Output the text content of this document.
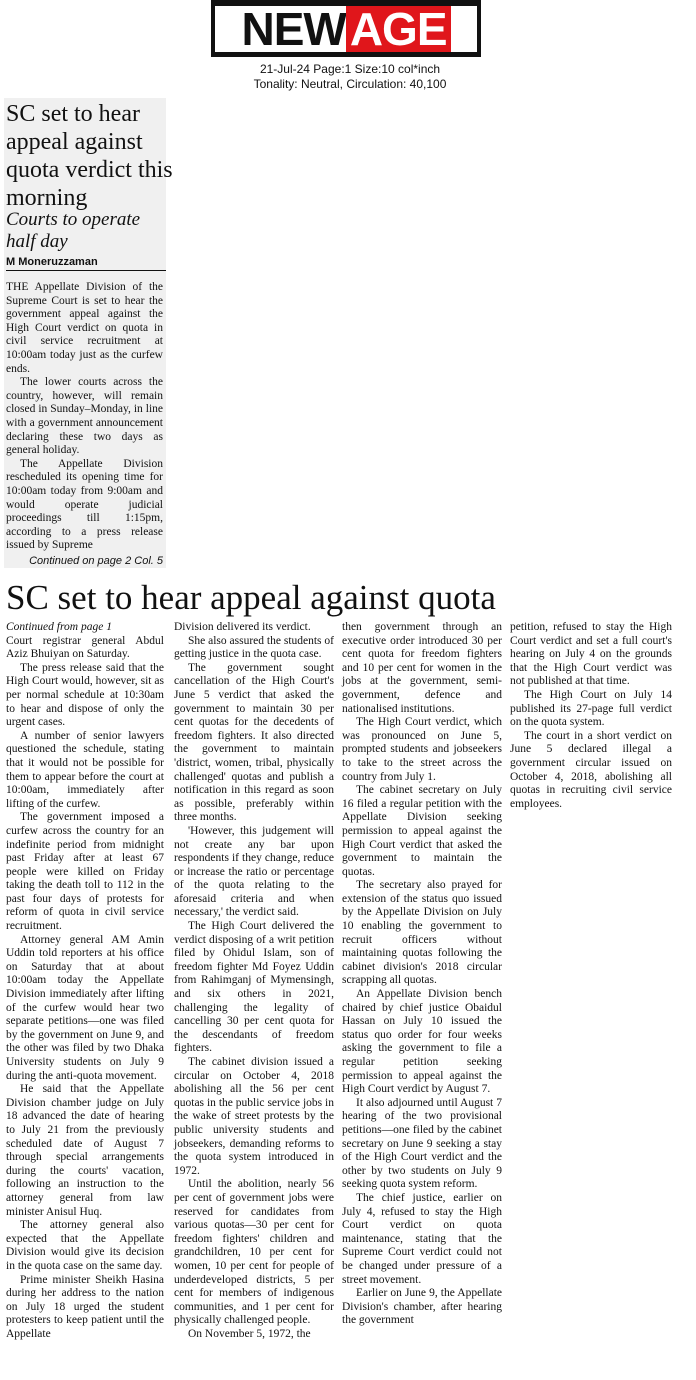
NEW AGE
21-Jul-24 Page:1 Size:10 col*inch
Tonality: Neutral, Circulation: 40,100
SC set to hear appeal against quota verdict this morning
Courts to operate half day
M Moneruzzaman

THE Appellate Division of the Supreme Court is set to hear the government appeal against the High Court verdict on quota in civil service recruitment at 10:00am today just as the curfew ends.

The lower courts across the country, however, will remain closed in Sunday–Monday, in line with a government announcement declaring these two days as general holiday.

The Appellate Division rescheduled its opening time for 10:00am today from 9:00am and would operate judicial proceedings till 1:15pm, according to a press release issued by Supreme

Continued on page 2 Col. 5
SC set to hear appeal against quota

Continued from page 1

Court registrar general Abdul Aziz Bhuiyan on Saturday.

The press release said that the High Court would, however, sit as per normal schedule at 10:30am to hear and dispose of only the urgent cases.

A number of senior lawyers questioned the schedule, stating that it would not be possible for them to appear before the court at 10:00am, immediately after lifting of the curfew.

The government imposed a curfew across the country for an indefinite period from midnight past Friday after at least 67 people were killed on Friday taking the death toll to 112 in the past four days of protests for reform of quota in civil service recruitment.

Attorney general AM Amin Uddin told reporters at his office on Saturday that at about 10:00am today the Appellate Division immediately after lifting of the curfew would hear two separate petitions—one was filed by the government on June 9, and the other was filed by two Dhaka University students on July 9 during the anti-quota movement.

He said that the Appellate Division chamber judge on July 18 advanced the date of hearing to July 21 from the previously scheduled date of August 7 through special arrangements during the courts' vacation, following an instruction to the attorney general from law minister Anisul Huq.

The attorney general also expected that the Appellate Division would give its decision in the quota case on the same day.

Prime minister Sheikh Hasina during her address to the nation on July 18 urged the student protesters to keep patient until the Appellate

Division delivered its verdict.

She also assured the students of getting justice in the quota case.

The government sought cancellation of the High Court's June 5 verdict that asked the government to maintain 30 per cent quotas for the decedents of freedom fighters. It also directed the government to maintain 'district, women, tribal, physically challenged' quotas and publish a notification in this regard as soon as possible, preferably within three months.

'However, this judgement will not create any bar upon respondents if they change, reduce or increase the ratio or percentage of the quota relating to the aforesaid criteria and when necessary,' the verdict said.

The High Court delivered the verdict disposing of a writ petition filed by Ohidul Islam, son of freedom fighter Md Foyez Uddin from Rahimganj of Mymensingh, and six others in 2021, challenging the legality of cancelling 30 per cent quota for the descendants of freedom fighters.

The cabinet division issued a circular on October 4, 2018 abolishing all the 56 per cent quotas in the public service jobs in the wake of street protests by the public university students and jobseekers, demanding reforms to the quota system introduced in 1972.

Until the abolition, nearly 56 per cent of government jobs were reserved for candidates from various quotas—30 per cent for freedom fighters' children and grandchildren, 10 per cent for women, 10 per cent for people of underdeveloped districts, 5 per cent for members of indigenous communities, and 1 per cent for physically challenged people.

On November 5, 1972, the

then government through an executive order introduced 30 per cent quota for freedom fighters and 10 per cent for women in the jobs at the government, semi-government, defence and nationalised institutions.

The High Court verdict, which was pronounced on June 5, prompted students and jobseekers to take to the street across the country from July 1.

The cabinet secretary on July 16 filed a regular petition with the Appellate Division seeking permission to appeal against the High Court verdict that asked the government to maintain the quotas.

The secretary also prayed for extension of the status quo issued by the Appellate Division on July 10 enabling the government to recruit officers without maintaining quotas following the cabinet division's 2018 circular scrapping all quotas.

An Appellate Division bench chaired by chief justice Obaidul Hassan on July 10 issued the status quo order for four weeks asking the government to file a regular petition seeking permission to appeal against the High Court verdict by August 7.

It also adjourned until August 7 hearing of the two provisional petitions—one filed by the cabinet secretary on June 9 seeking a stay of the High Court verdict and the other by two students on July 9 seeking quota system reform.

The chief justice, earlier on July 4, refused to stay the High Court verdict on quota maintenance, stating that the Supreme Court verdict could not be changed under pressure of a street movement.

Earlier on June 9, the Appellate Division's chamber, after hearing the government

petition, refused to stay the High Court verdict and set a full court's hearing on July 4 on the grounds that the High Court verdict was not published at that time.

The High Court on July 14 published its 27-page full verdict on the quota system.

The court in a short verdict on June 5 declared illegal a government circular issued on October 4, 2018, abolishing all quotas in recruiting civil service employees.
